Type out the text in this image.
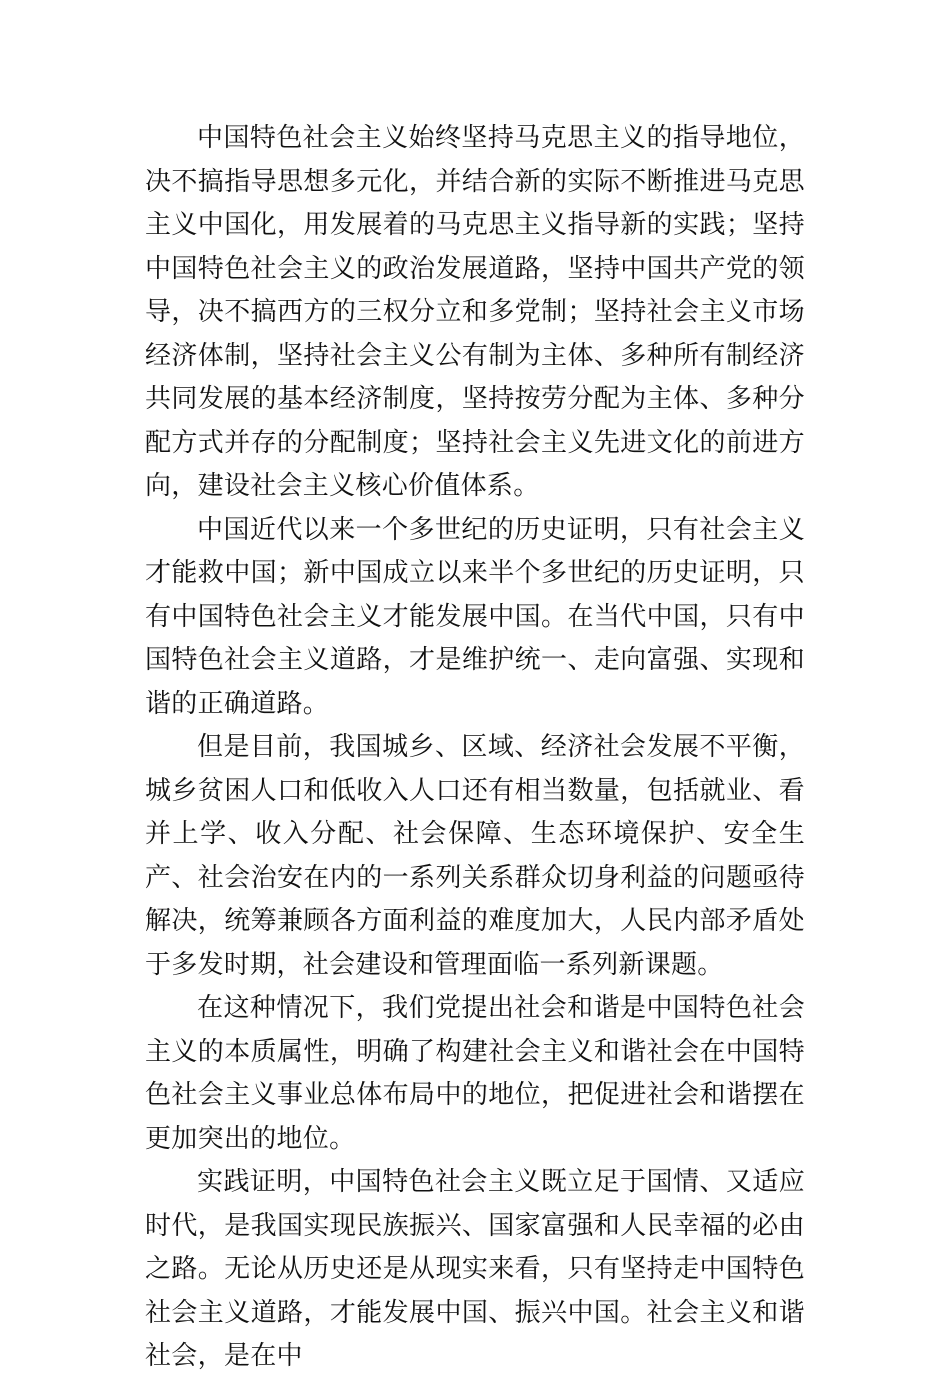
中国特色社会主义始终坚持马克思主义的指导地位，决不搞指导思想多元化，并结合新的实际不断推进马克思主义中国化，用发展着的马克思主义指导新的实践；坚持中国特色社会主义的政治发展道路，坚持中国共产党的领导，决不搞西方的三权分立和多党制；坚持社会主义市场经济体制，坚持社会主义公有制为主体、多种所有制经济共同发展的基本经济制度，坚持按劳分配为主体、多种分配方式并存的分配制度；坚持社会主义先进文化的前进方向，建设社会主义核心价值体系。

中国近代以来一个多世纪的历史证明，只有社会主义才能救中国；新中国成立以来半个多世纪的历史证明，只有中国特色社会主义才能发展中国。在当代中国，只有中国特色社会主义道路，才是维护统一、走向富强、实现和谐的正确道路。

但是目前，我国城乡、区域、经济社会发展不平衡，城乡贫困人口和低收入人口还有相当数量，包括就业、看并上学、收入分配、社会保障、生态环境保护、安全生产、社会治安在内的一系列关系群众切身利益的问题亟待解决，统筹兼顾各方面利益的难度加大，人民内部矛盾处于多发时期，社会建设和管理面临一系列新课题。

在这种情况下，我们党提出社会和谐是中国特色社会主义的本质属性，明确了构建社会主义和谐社会在中国特色社会主义事业总体布局中的地位，把促进社会和谐摆在更加突出的地位。

实践证明，中国特色社会主义既立足于国情、又适应时代，是我国实现民族振兴、国家富强和人民幸福的必由之路。无论从历史还是从现实来看，只有坚持走中国特色社会主义道路，才能发展中国、振兴中国。社会主义和谐社会，是在中
